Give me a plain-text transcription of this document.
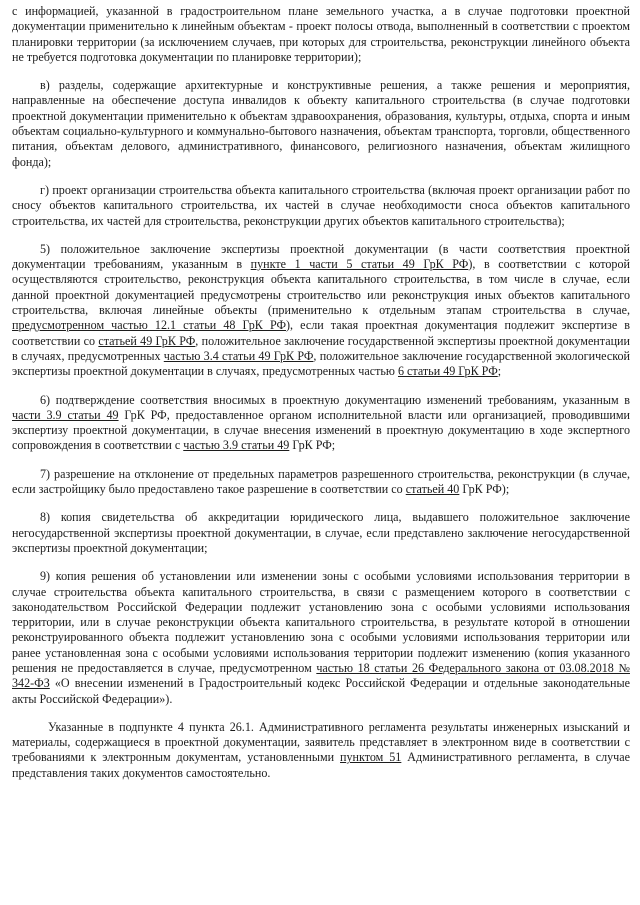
с информацией, указанной в градостроительном плане земельного участка, а в случае подготовки проектной документации применительно к линейным объектам - проект полосы отвода, выполненный в соответствии с проектом планировки территории (за исключением случаев, при которых для строительства, реконструкции линейного объекта не требуется подготовка документации по планировке территории);

в) разделы, содержащие архитектурные и конструктивные решения, а также решения и мероприятия, направленные на обеспечение доступа инвалидов к объекту капитального строительства (в случае подготовки проектной документации применительно к объектам здравоохранения, образования, культуры, отдыха, спорта и иным объектам социально-культурного и коммунально-бытового назначения, объектам транспорта, торговли, общественного питания, объектам делового, административного, финансового, религиозного назначения, объектам жилищного фонда);

г) проект организации строительства объекта капитального строительства (включая проект организации работ по сносу объектов капитального строительства, их частей в случае необходимости сноса объектов капитального строительства, их частей для строительства, реконструкции других объектов капитального строительства);

5) положительное заключение экспертизы проектной документации (в части соответствия проектной документации требованиям, указанным в пункте 1 части 5 статьи 49 ГрК РФ), в соответствии с которой осуществляются строительство, реконструкция объекта капитального строительства, в том числе в случае, если данной проектной документацией предусмотрены строительство или реконструкция иных объектов капитального строительства, включая линейные объекты (применительно к отдельным этапам строительства в случае, предусмотренном частью 12.1 статьи 48 ГрК РФ), если такая проектная документация подлежит экспертизе в соответствии со статьей 49 ГрК РФ, положительное заключение государственной экспертизы проектной документации в случаях, предусмотренных частью 3.4 статьи 49 ГрК РФ, положительное заключение государственной экологической экспертизы проектной документации в случаях, предусмотренных частью 6 статьи 49 ГрК РФ;

6) подтверждение соответствия вносимых в проектную документацию изменений требованиям, указанным в части 3.9 статьи 49 ГрК РФ, предоставленное органом исполнительной власти или организацией, проводившими экспертизу проектной документации, в случае внесения изменений в проектную документацию в ходе экспертного сопровождения в соответствии с частью 3.9 статьи 49 ГрК РФ;

7) разрешение на отклонение от предельных параметров разрешенного строительства, реконструкции (в случае, если застройщику было предоставлено такое разрешение в соответствии со статьей 40 ГрК РФ);

8) копия свидетельства об аккредитации юридического лица, выдавшего положительное заключение негосударственной экспертизы проектной документации, в случае, если представлено заключение негосударственной экспертизы проектной документации;

9) копия решения об установлении или изменении зоны с особыми условиями использования территории в случае строительства объекта капитального строительства, в связи с размещением которого в соответствии с законодательством Российской Федерации подлежит установлению зона с особыми условиями использования территории, или в случае реконструкции объекта капитального строительства, в результате которой в отношении реконструированного объекта подлежит установлению зона с особыми условиями использования территории или ранее установленная зона с особыми условиями использования территории подлежит изменению (копия указанного решения не предоставляется в случае, предусмотренном частью 18 статьи 26 Федерального закона от 03.08.2018 № 342-ФЗ «О внесении изменений в Градостроительный кодекс Российской Федерации и отдельные законодательные акты Российской Федерации»).

Указанные в подпункте 4 пункта 26.1. Административного регламента результаты инженерных изысканий и материалы, содержащиеся в проектной документации, заявитель представляет в электронном виде в соответствии с требованиями к электронным документам, установленными пунктом 51 Административного регламента, в случае представления таких документов самостоятельно.
